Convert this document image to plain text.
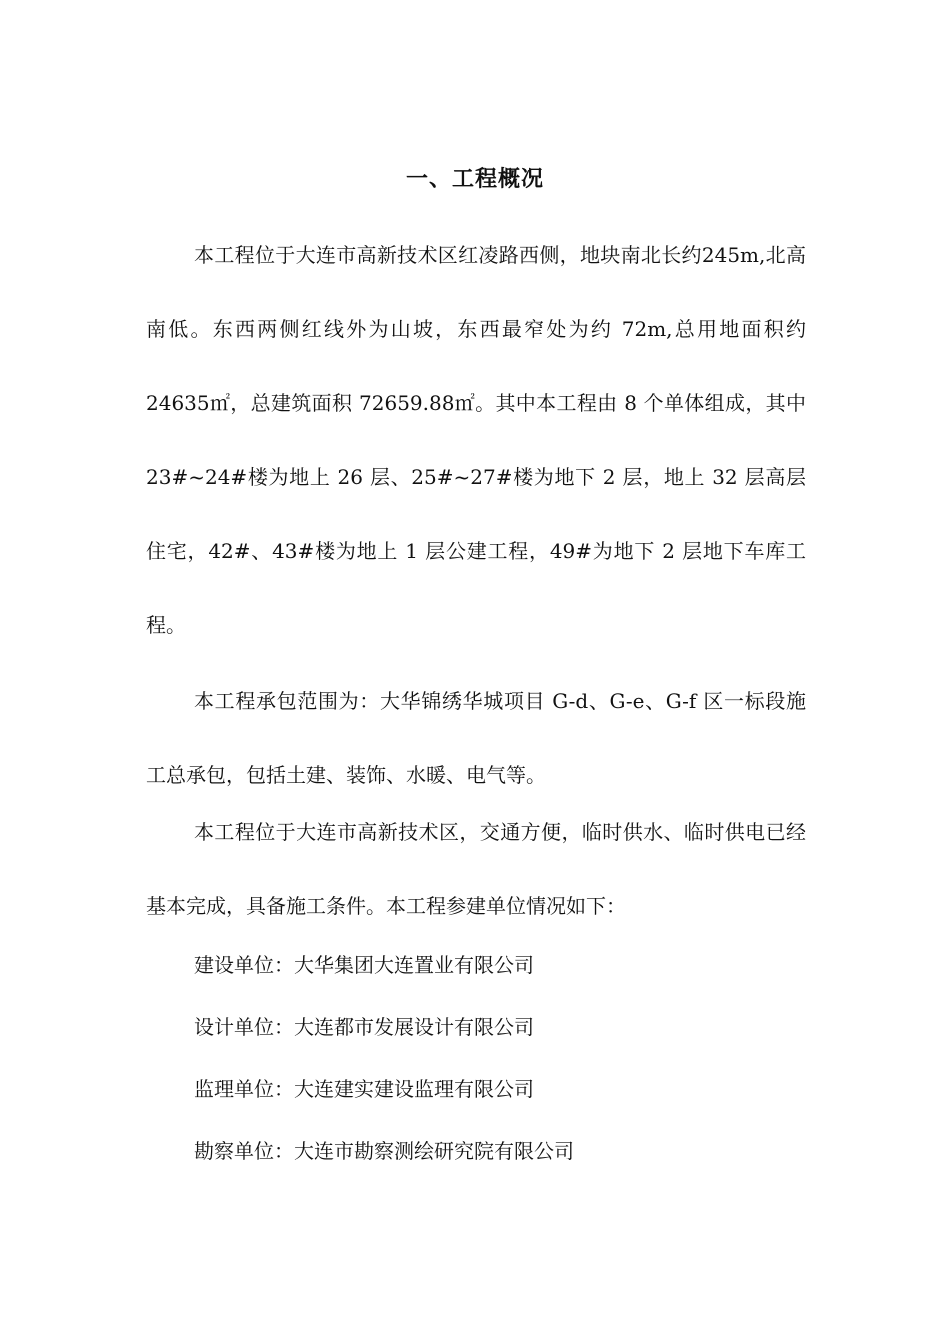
一、工程概况

本工程位于大连市高新技术区红凌路西侧，地块南北长约245m,北高南低。东西两侧红线外为山坡，东西最窄处为约 72m,总用地面积约 24635㎡，总建筑面积 72659.88㎡。其中本工程由 8 个单体组成，其中 23#~24#楼为地上 26 层、25#~27#楼为地下 2 层，地上 32 层高层住宅，42#、43#楼为地上 1 层公建工程，49#为地下 2 层地下车库工程。

本工程承包范围为：大华锦绣华城项目 G-d、G-e、G-f 区一标段施工总承包，包括土建、装饰、水暖、电气等。

本工程位于大连市高新技术区，交通方便，临时供水、临时供电已经基本完成，具备施工条件。本工程参建单位情况如下：

建设单位：大华集团大连置业有限公司

设计单位：大连都市发展设计有限公司

监理单位：大连建实建设监理有限公司

勘察单位：大连市勘察测绘研究院有限公司
